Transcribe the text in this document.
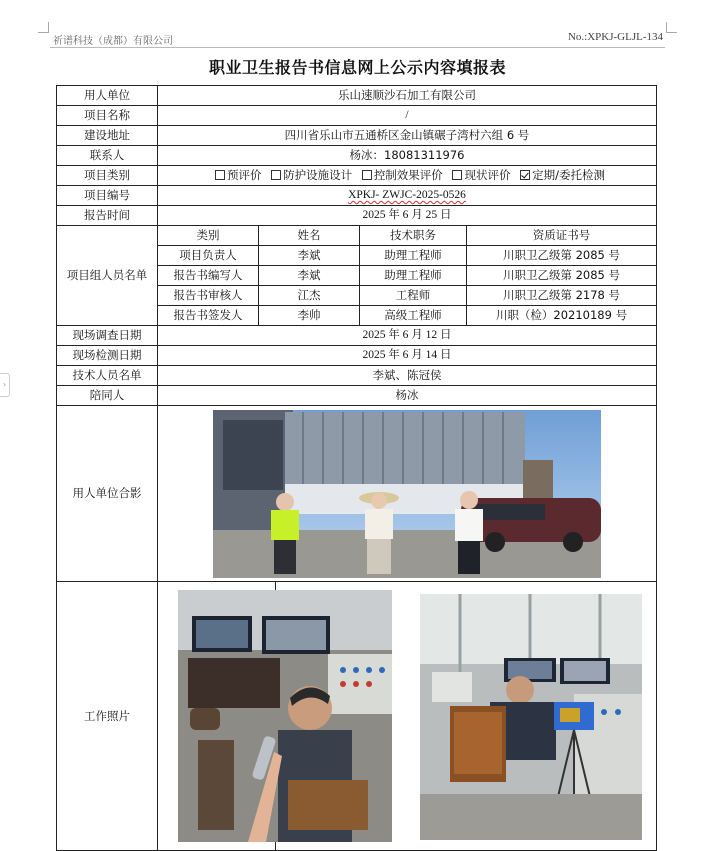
祈谱科技（成都）有限公司	No.:XPKJ-GLJL-134
›
职业卫生报告书信息网上公示内容填报表
用人单位	乐山速顺沙石加工有限公司			
项目名称	/			
建设地址	四川省乐山市五通桥区金山镇碾子湾村六组 6 号			
联系人	杨冰：18081311976			
项目类别	预评价 防护设施设计 控制效果评价 现状评价 定期/委托检测			
项目编号	XPKJ- ZWJC-2025-0526			
报告时间	2025 年 6 月 25 日			
项目组人员名单	类别	姓名	技术职务	资质证书号
	项目负责人	李斌	助理工程师	川职卫乙级第 2085 号
	报告书编写人	李斌	助理工程师	川职卫乙级第 2085 号
	报告书审核人	江杰	工程师	川职卫乙级第 2178 号
	报告书签发人	李帅	高级工程师	川职（检）20210189 号
现场调查日期	2025 年 6 月 12 日			
现场检测日期	2025 年 6 月 14 日			
技术人员名单	李斌、陈冠侯			
陪同人	杨冰			
用人单位合影	

工作照片	
